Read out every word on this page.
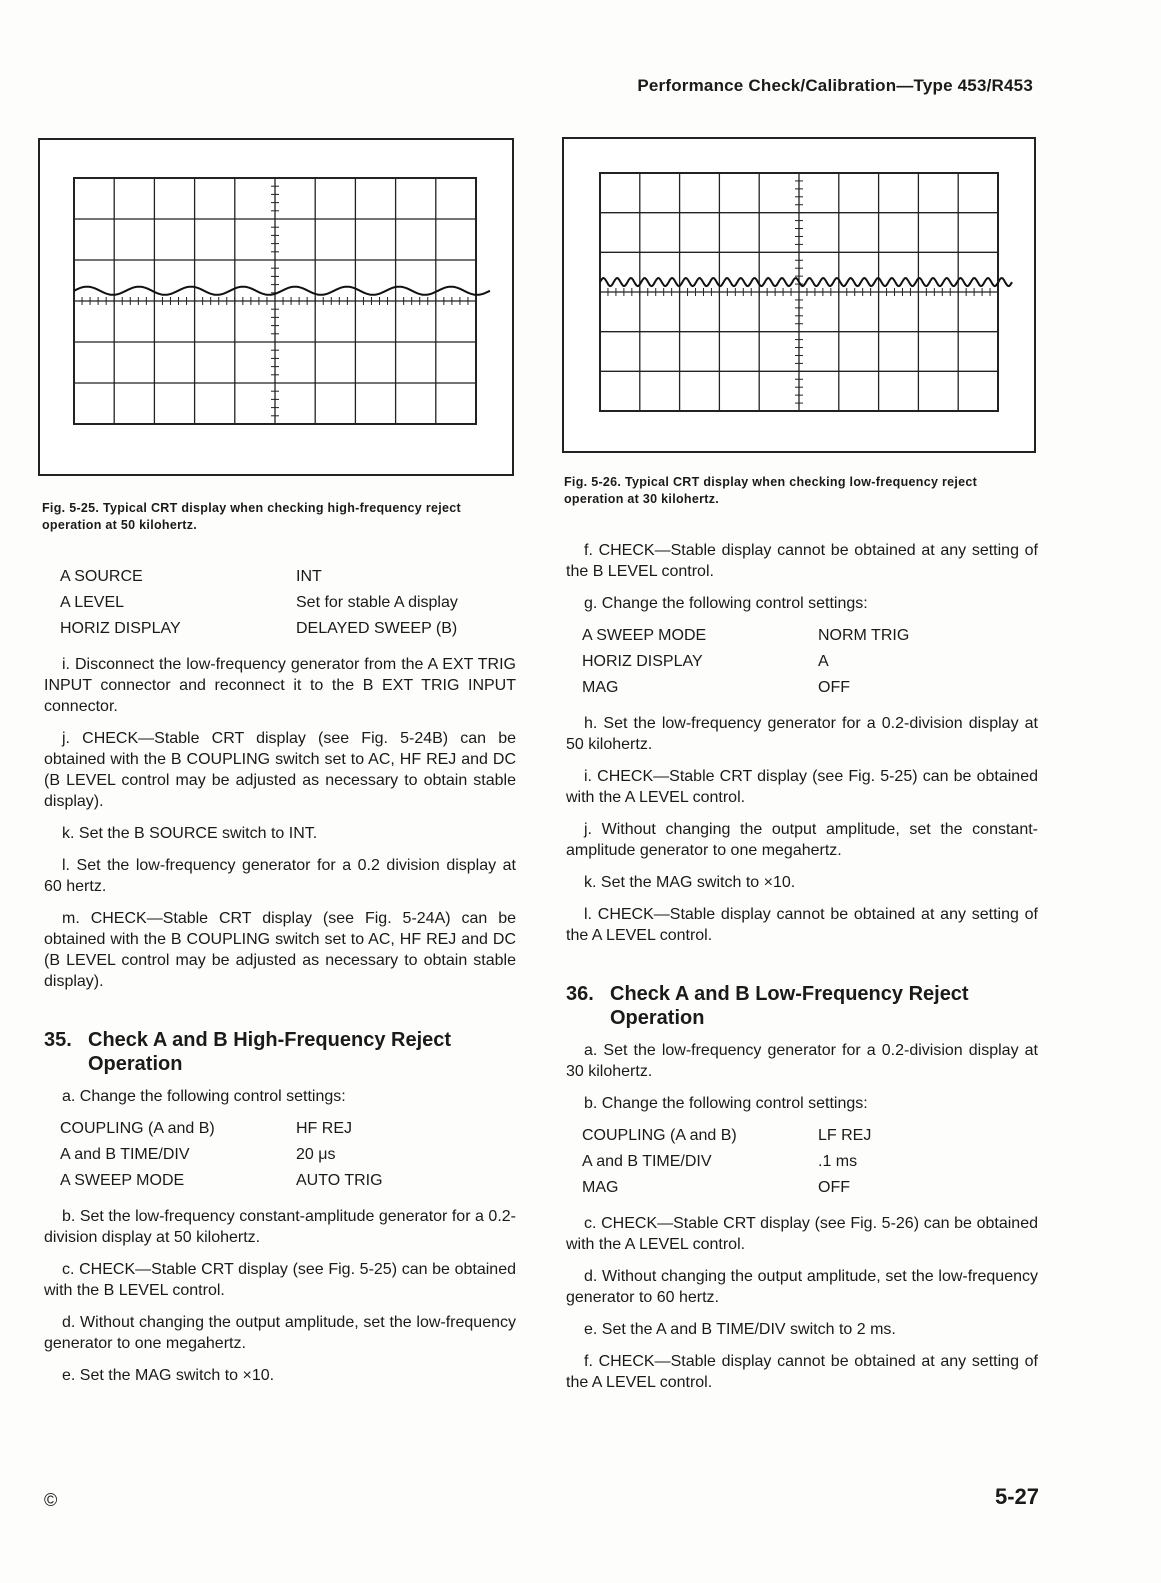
Performance Check/Calibration—Type 453/R453
Fig. 5-25. Typical CRT display when checking high-frequency reject operation at 50 kilohertz.
Fig. 5-26. Typical CRT display when checking low-frequency reject operation at 30 kilohertz.
A SOURCE	INT
A LEVEL	Set for stable A display
HORIZ DISPLAY	DELAYED SWEEP (B)

i. Disconnect the low-frequency generator from the A EXT TRIG INPUT connector and reconnect it to the B EXT TRIG INPUT connector.

j. CHECK—Stable CRT display (see Fig. 5-24B) can be obtained with the B COUPLING switch set to AC, HF REJ and DC (B LEVEL control may be adjusted as necessary to obtain stable display).

k. Set the B SOURCE switch to INT.

l. Set the low-frequency generator for a 0.2 division display at 60 hertz.

m. CHECK—Stable CRT display (see Fig. 5-24A) can be obtained with the B COUPLING switch set to AC, HF REJ and DC (B LEVEL control may be adjusted as necessary to obtain stable display).

35. Check A and B High-Frequency Reject
Operation

a. Change the following control settings:

COUPLING (A and B)	HF REJ
A and B TIME/DIV	20 μs
A SWEEP MODE	AUTO TRIG

b. Set the low-frequency constant-amplitude generator for a 0.2-division display at 50 kilohertz.

c. CHECK—Stable CRT display (see Fig. 5-25) can be obtained with the B LEVEL control.

d. Without changing the output amplitude, set the low-frequency generator to one megahertz.

e. Set the MAG switch to ×10.

f. CHECK—Stable display cannot be obtained at any setting of the B LEVEL control.

g. Change the following control settings:

A SWEEP MODE	NORM TRIG
HORIZ DISPLAY	A
MAG	OFF

h. Set the low-frequency generator for a 0.2-division display at 50 kilohertz.

i. CHECK—Stable CRT display (see Fig. 5-25) can be obtained with the A LEVEL control.

j. Without changing the output amplitude, set the constant-amplitude generator to one megahertz.

k. Set the MAG switch to ×10.

l. CHECK—Stable display cannot be obtained at any setting of the A LEVEL control.

36. Check A and B Low-Frequency Reject
Operation

a. Set the low-frequency generator for a 0.2-division display at 30 kilohertz.

b. Change the following control settings:

COUPLING (A and B)	LF REJ
A and B TIME/DIV	.1 ms
MAG	OFF

c. CHECK—Stable CRT display (see Fig. 5-26) can be obtained with the A LEVEL control.

d. Without changing the output amplitude, set the low-frequency generator to 60 hertz.

e. Set the A and B TIME/DIV switch to 2 ms.

f. CHECK—Stable display cannot be obtained at any setting of the A LEVEL control.

©	5-27
